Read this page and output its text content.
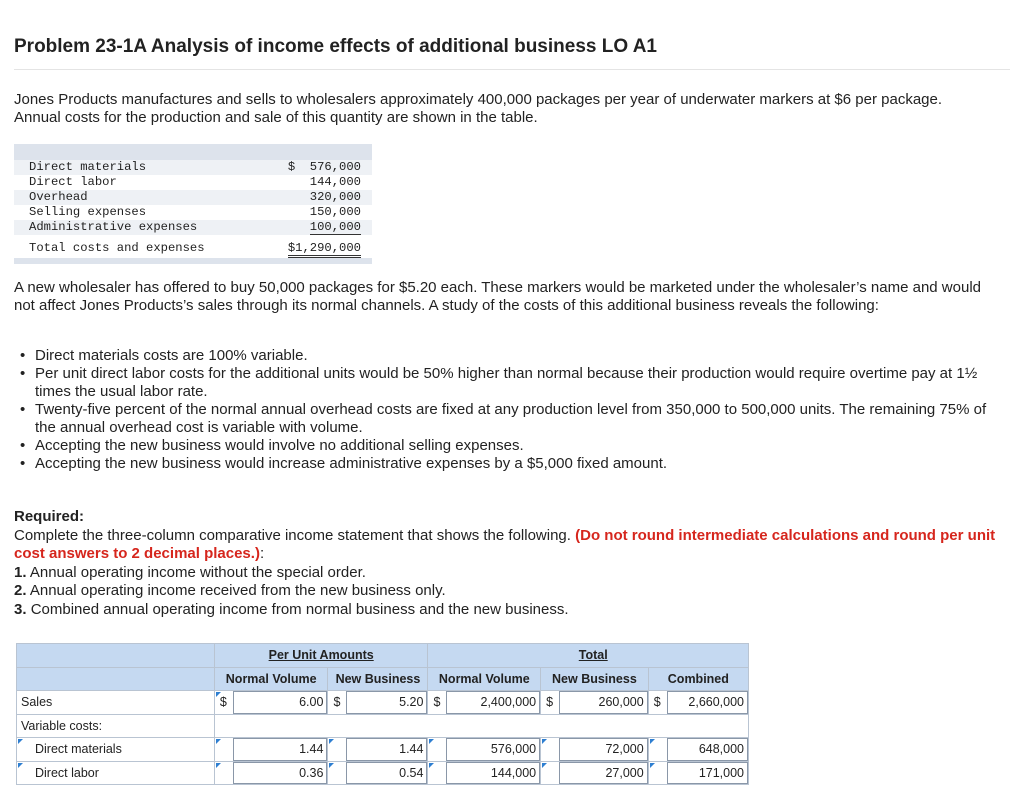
Problem 23-1A Analysis of income effects of additional business LO A1
Jones Products manufactures and sells to wholesalers approximately 400,000 packages per year of underwater markers at $6 per package. Annual costs for the production and sale of this quantity are shown in the table.
Direct materials	$ 576,000
Direct labor	144,000
Overhead	320,000
Selling expenses	150,000
Administrative expenses	100,000
Total costs and expenses	$1,290,000
A new wholesaler has offered to buy 50,000 packages for $5.20 each. These markers would be marketed under the wholesaler’s name and would not affect Jones Products’s sales through its normal channels. A study of the costs of this additional business reveals the following:
• Direct materials costs are 100% variable.
• Per unit direct labor costs for the additional units would be 50% higher than normal because their production would require overtime pay at 1½ times the usual labor rate.
• Twenty-five percent of the normal annual overhead costs are fixed at any production level from 350,000 to 500,000 units. The remaining 75% of the annual overhead cost is variable with volume.
• Accepting the new business would involve no additional selling expenses.
• Accepting the new business would increase administrative expenses by a $5,000 fixed amount.
Required:
Complete the three-column comparative income statement that shows the following. (Do not round intermediate calculations and round per unit cost answers to 2 decimal places.):
1. Annual operating income without the special order.
2. Annual operating income received from the new business only.
3. Combined annual operating income from normal business and the new business.
	Per Unit Amounts				Total					
	Normal Volume		New Business		Normal Volume		New Business		Combined	
Sales	$	6.00	$	5.20	$	2,400,000	$	260,000	$	2,660,000
Variable costs:										
Direct materials		1.44		1.44		576,000		72,000		648,000
Direct labor		0.36		0.54		144,000		27,000		171,000
